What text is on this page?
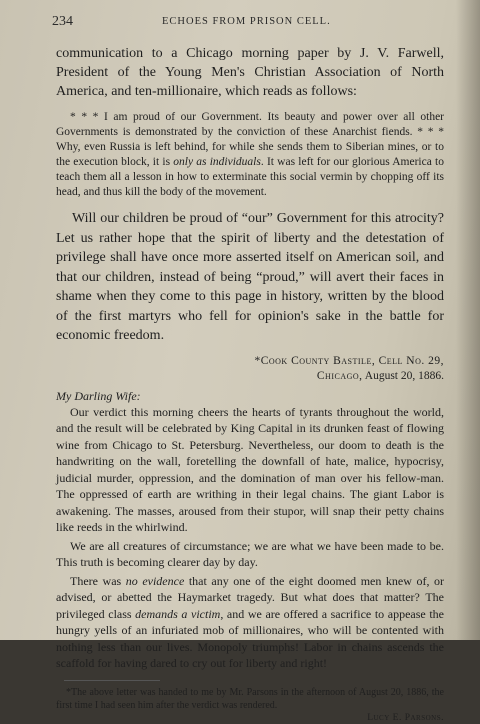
234	ECHOES FROM PRISON CELL.

communication to a Chicago morning paper by J. V. Farwell, President of the Young Men's Christian Association of North America, and ten-millionaire, which reads as follows:

* * * I am proud of our Government. Its beauty and power over all other Governments is demonstrated by the conviction of these Anarchist fiends. * * * Why, even Russia is left behind, for while she sends them to Siberian mines, or to the execution block, it is only as individuals. It was left for our glorious America to teach them all a lesson in how to exterminate this social vermin by chopping off its head, and thus kill the body of the movement.

Will our children be proud of “our” Government for this atrocity? Let us rather hope that the spirit of liberty and the detestation of privilege shall have once more asserted itself on American soil, and that our children, instead of being “proud,” will avert their faces in shame when they come to this page in history, written by the blood of the first martyrs who fell for opinion's sake in the battle for economic freedom.

*Cook County Bastile, Cell No. 29,
Chicago, August 20, 1886.
My Darling Wife:

Our verdict this morning cheers the hearts of tyrants throughout the world, and the result will be celebrated by King Capital in its drunken feast of flowing wine from Chicago to St. Petersburg. Nevertheless, our doom to death is the handwriting on the wall, foretelling the downfall of hate, malice, hypocrisy, judicial murder, oppression, and the domination of man over his fellow-man. The oppressed of earth are writhing in their legal chains. The giant Labor is awakening. The masses, aroused from their stupor, will snap their petty chains like reeds in the whirlwind.

We are all creatures of circumstance; we are what we have been made to be. This truth is becoming clearer day by day.

There was no evidence that any one of the eight doomed men knew of, or advised, or abetted the Haymarket tragedy. But what does that matter? The privileged class demands a victim, and we are offered a sacrifice to appease the hungry yells of an infuriated mob of millionaires, who will be contented with nothing less than our lives. Monopoly triumphs! Labor in chains ascends the scaffold for having dared to cry out for liberty and right!

*The above letter was handed to me by Mr. Parsons in the afternoon of August 20, 1886, the first time I had seen him after the verdict was rendered.

Lucy E. Parsons.
